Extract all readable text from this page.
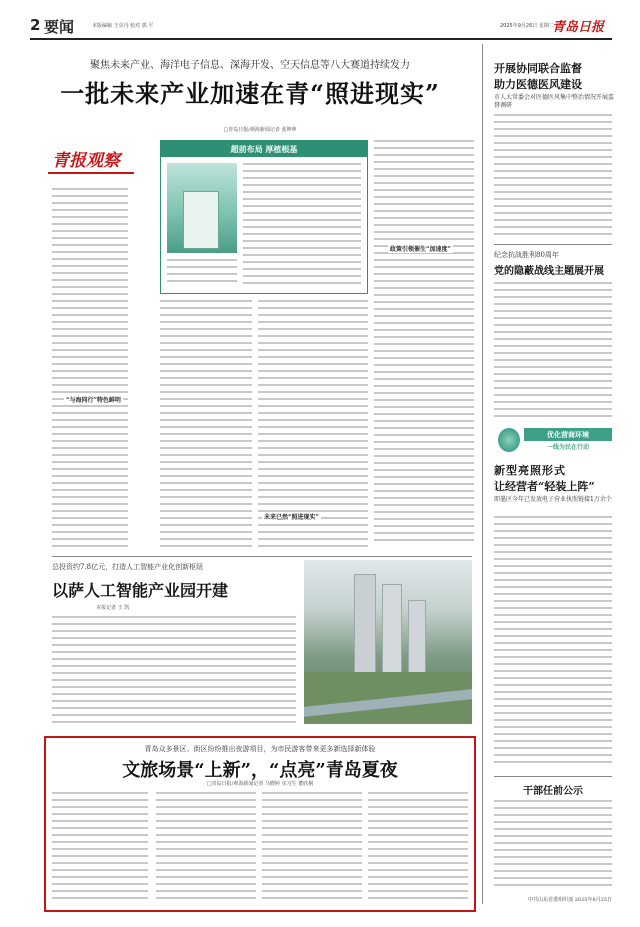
2 要闻	本版编辑 王克丹 校对 郭 平	2025年9月26日 星期二
青岛日报
聚焦未来产业、海洋电子信息、深海开发、空天信息等八大赛道持续发力
一批未来产业加速在青“照进现实”
□青岛日报/观海新闻记者 张坤坤
青报观察
“与海同行”特色鲜明
超前布局 厚植根基
未来已然“照进现实”
政策引领催生“加速度”
总投资约7.8亿元，打造人工智能产业化创新枢纽
以萨人工智能产业园开建
本报记者 王 凯
青岛众多景区、街区纷纷推出夜游项目，为市民游客带来更多新选择新体验
文旅场景“上新”，“点亮”青岛夏夜
□青岛日报/观海新闻记者 马晓婷 实习生 董欣桐
开展协同联合监督
助力医德医风建设
市人大常委会对医德医风集中整治情况开展监督调研
纪念抗战胜利80周年
党的隐蔽战线主题展开展
优化营商环境
一线为民在行动
新型亮照形式
让经营者“轻装上阵”
即墨区今年已发放电子营业执照链接1万余个
干部任前公示
中共山东省委组织部 2025年8月25日
